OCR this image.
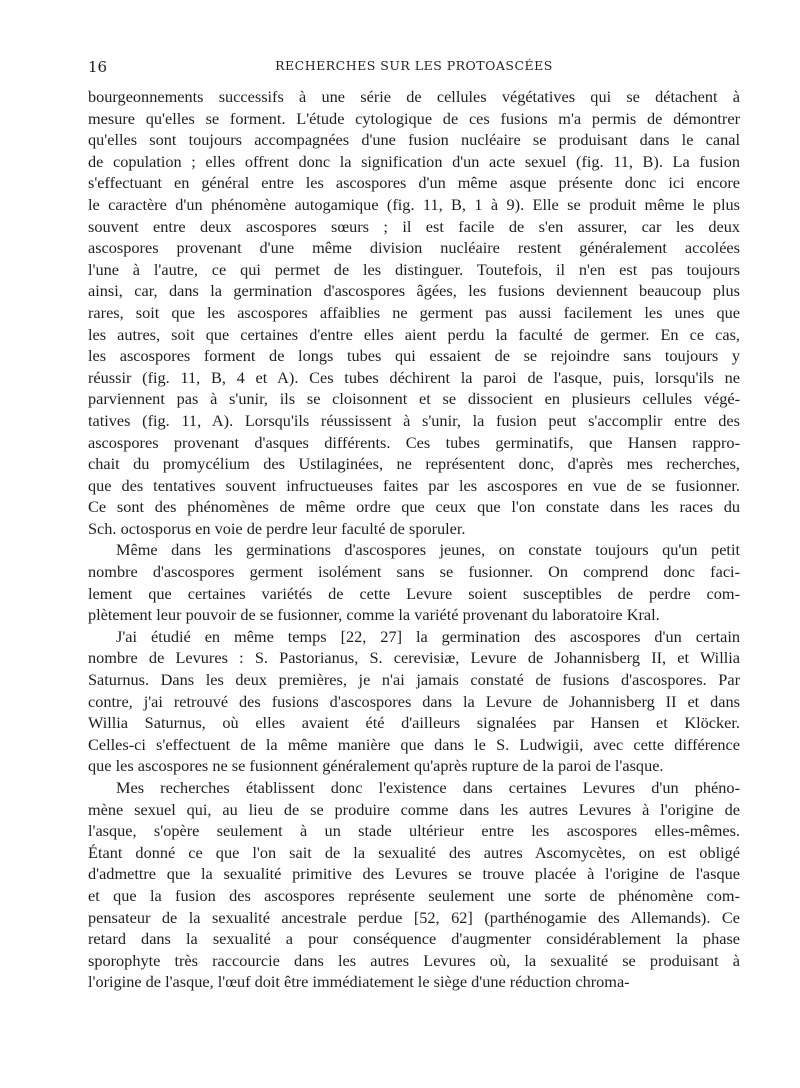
16	RECHERCHES SUR LES PROTOASCÉES
bourgeonnements successifs à une série de cellules végétatives qui se détachent à
mesure qu'elles se forment. L'étude cytologique de ces fusions m'a permis de démontrer
qu'elles sont toujours accompagnées d'une fusion nucléaire se produisant dans le canal
de copulation ; elles offrent donc la signification d'un acte sexuel (fig. 11, B). La fusion
s'effectuant en général entre les ascospores d'un même asque présente donc ici encore
le caractère d'un phénomène autogamique (fig. 11, B, 1 à 9). Elle se produit même le plus
souvent entre deux ascospores sœurs ; il est facile de s'en assurer, car les deux
ascospores provenant d'une même division nucléaire restent généralement accolées
l'une à l'autre, ce qui permet de les distinguer. Toutefois, il n'en est pas toujours
ainsi, car, dans la germination d'ascospores âgées, les fusions deviennent beaucoup plus
rares, soit que les ascospores affaiblies ne germent pas aussi facilement les unes que
les autres, soit que certaines d'entre elles aient perdu la faculté de germer. En ce cas,
les ascospores forment de longs tubes qui essaient de se rejoindre sans toujours y
réussir (fig. 11, B, 4 et A). Ces tubes déchirent la paroi de l'asque, puis, lorsqu'ils ne
parviennent pas à s'unir, ils se cloisonnent et se dissocient en plusieurs cellules végé-
tatives (fig. 11, A). Lorsqu'ils réussissent à s'unir, la fusion peut s'accomplir entre des
ascospores provenant d'asques différents. Ces tubes germinatifs, que Hansen rappro-
chait du promycélium des Ustilaginées, ne représentent donc, d'après mes recherches,
que des tentatives souvent infructueuses faites par les ascospores en vue de se fusionner.
Ce sont des phénomènes de même ordre que ceux que l'on constate dans les races du
Sch. octosporus en voie de perdre leur faculté de sporuler.
Même dans les germinations d'ascospores jeunes, on constate toujours qu'un petit
nombre d'ascospores germent isolément sans se fusionner. On comprend donc faci-
lement que certaines variétés de cette Levure soient susceptibles de perdre com-
plètement leur pouvoir de se fusionner, comme la variété provenant du laboratoire Kral.
J'ai étudié en même temps [22, 27] la germination des ascospores d'un certain
nombre de Levures : S. Pastorianus, S. cerevisiæ, Levure de Johannisberg II, et Willia
Saturnus. Dans les deux premières, je n'ai jamais constaté de fusions d'ascospores. Par
contre, j'ai retrouvé des fusions d'ascospores dans la Levure de Johannisberg II et dans
Willia Saturnus, où elles avaient été d'ailleurs signalées par Hansen et Klöcker.
Celles-ci s'effectuent de la même manière que dans le S. Ludwigii, avec cette différence
que les ascospores ne se fusionnent généralement qu'après rupture de la paroi de l'asque.
Mes recherches établissent donc l'existence dans certaines Levures d'un phéno-
mène sexuel qui, au lieu de se produire comme dans les autres Levures à l'origine de
l'asque, s'opère seulement à un stade ultérieur entre les ascospores elles-mêmes.
Étant donné ce que l'on sait de la sexualité des autres Ascomycètes, on est obligé
d'admettre que la sexualité primitive des Levures se trouve placée à l'origine de l'asque
et que la fusion des ascospores représente seulement une sorte de phénomène com-
pensateur de la sexualité ancestrale perdue [52, 62] (parthénogamie des Allemands). Ce
retard dans la sexualité a pour conséquence d'augmenter considérablement la phase
sporophyte très raccourcie dans les autres Levures où, la sexualité se produisant à
l'origine de l'asque, l'œuf doit être immédiatement le siège d'une réduction chroma-
